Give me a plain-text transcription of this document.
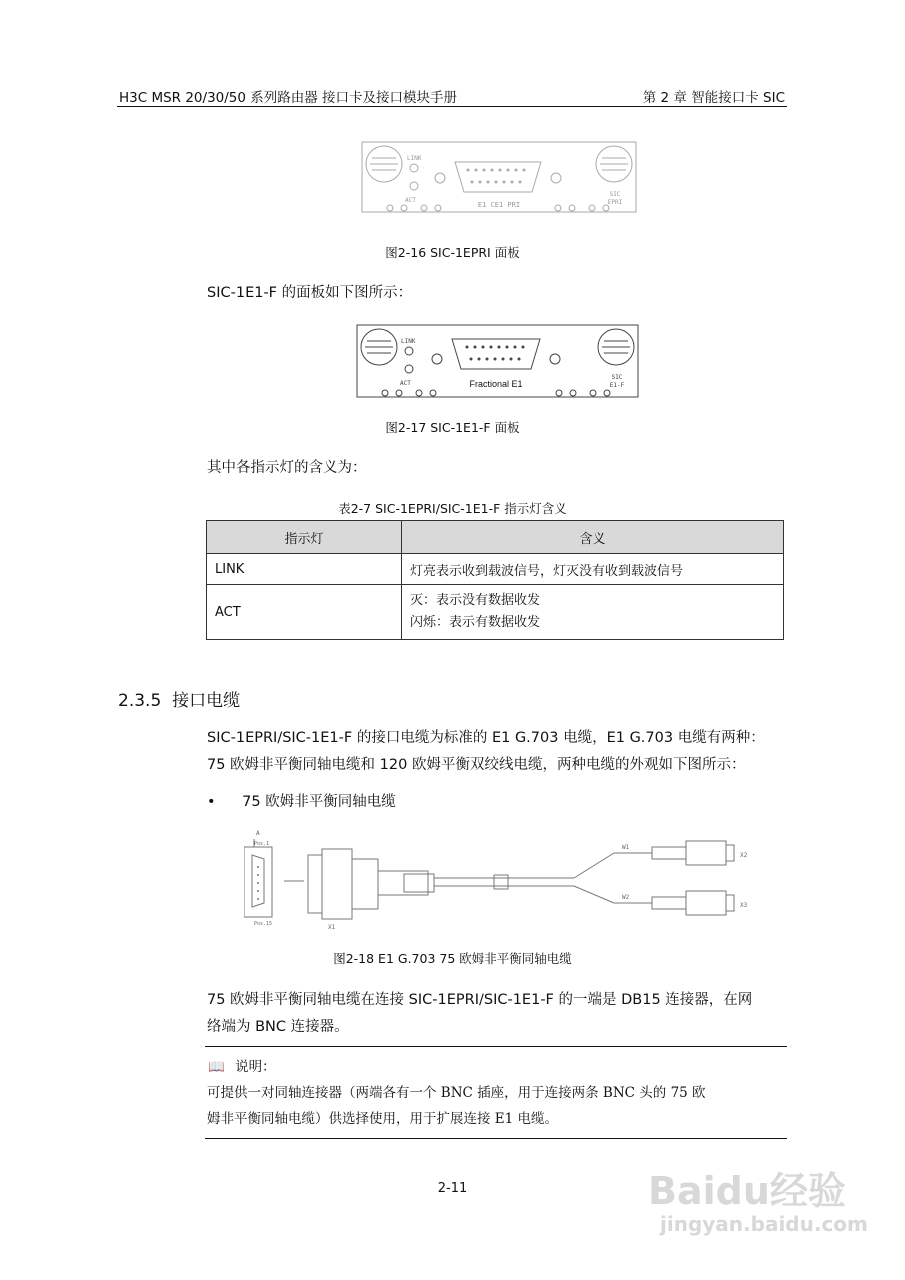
H3C MSR 20/30/50 系列路由器 接口卡及接口模块手册	第 2 章 智能接口卡 SIC
LINK
ACT
E1 CE1 PRI
SIC
EPRI
图2-16 SIC-1EPRI 面板
SIC-1E1-F 的面板如下图所示：
LINK
ACT	Fractional E1
SIC
E1-F
图2-17 SIC-1E1-F 面板
其中各指示灯的含义为：
表2-7 SIC-1EPRI/SIC-1E1-F 指示灯含义
指示灯	含义
LINK	灯亮表示收到载波信号，灯灭没有收到载波信号
ACT	灭：表示没有数据收发
闪烁：表示有数据收发
2.3.5 接口电缆
SIC-1EPRI/SIC-1E1-F 的接口电缆为标准的 E1 G.703 电缆，E1 G.703 电缆有两种：
75 欧姆非平衡同轴电缆和 120 欧姆平衡双绞线电缆，两种电缆的外观如下图所示：
• 75 欧姆非平衡同轴电缆
A
Pos.1
Pos.15	X1
W1
W2
X2
X3
图2-18 E1 G.703 75 欧姆非平衡同轴电缆
75 欧姆非平衡同轴电缆在连接 SIC-1EPRI/SIC-1E1-F 的一端是 DB15 连接器，在网
络端为 BNC 连接器。
📖 说明：
可提供一对同轴连接器（两端各有一个 BNC 插座，用于连接两条 BNC 头的 75 欧
姆非平衡同轴电缆）供选择使用，用于扩展连接 E1 电缆。
2-11	Baidu经验
jingyan.baidu.com
